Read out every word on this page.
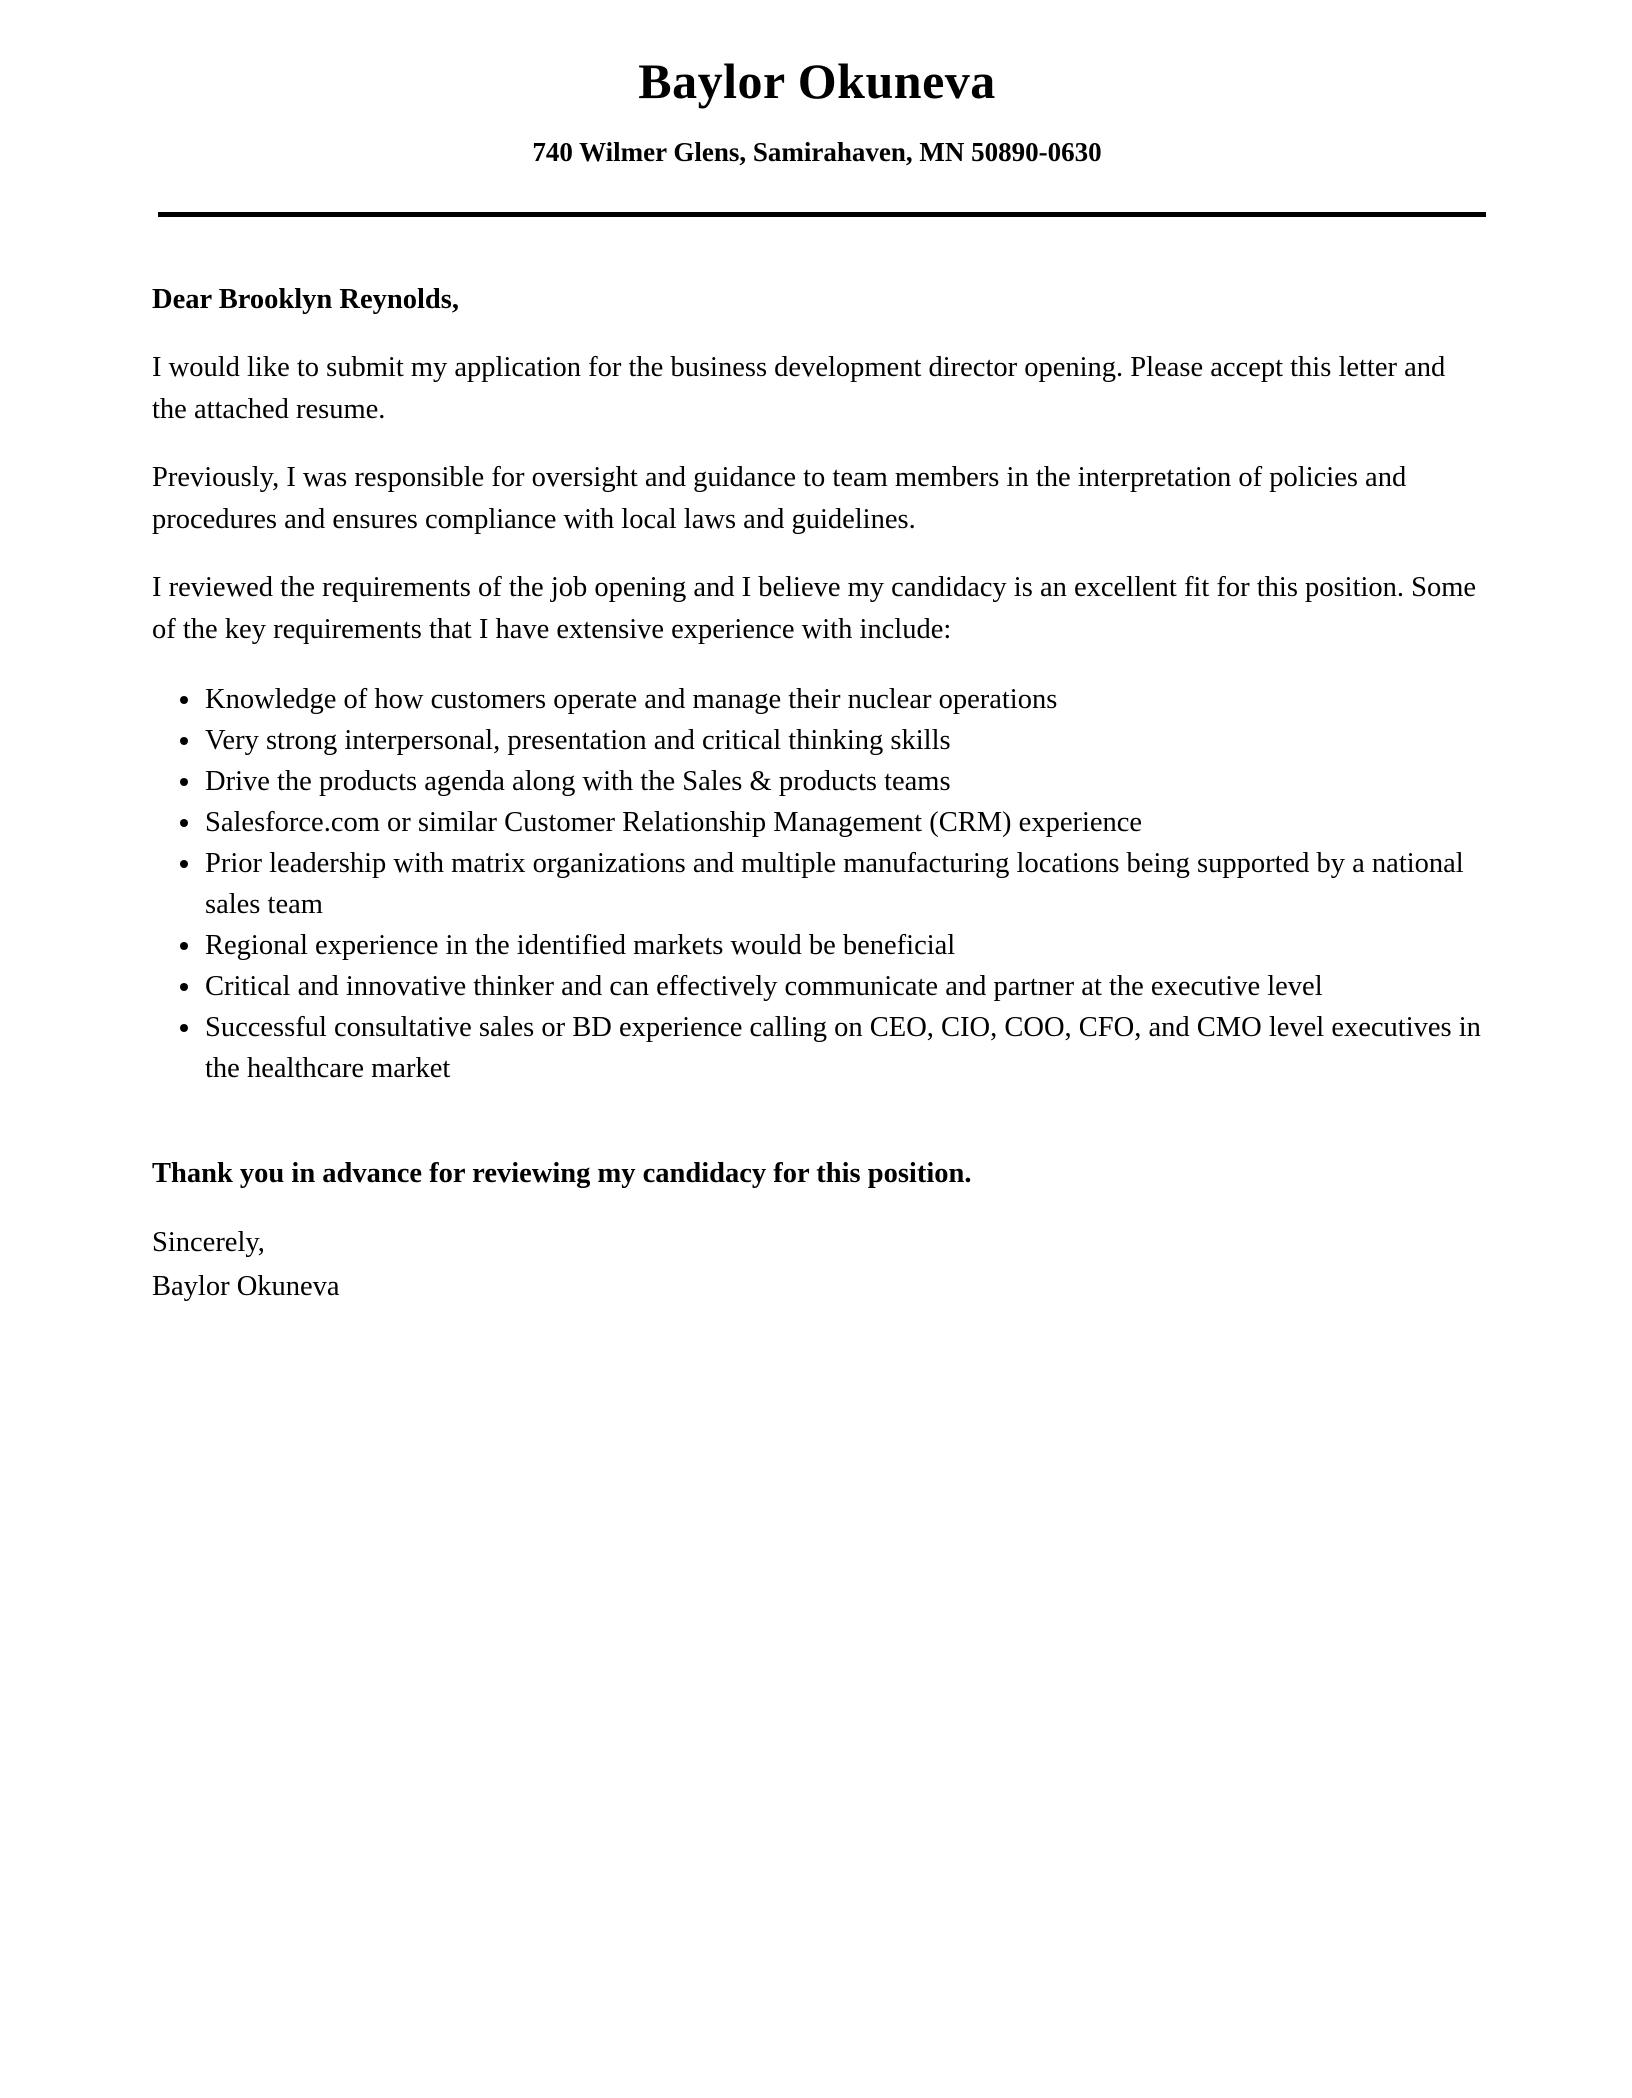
Baylor Okuneva
740 Wilmer Glens, Samirahaven, MN 50890-0630
Dear Brooklyn Reynolds,

I would like to submit my application for the business development director opening. Please accept this letter and the attached resume.

Previously, I was responsible for oversight and guidance to team members in the interpretation of policies and procedures and ensures compliance with local laws and guidelines.

I reviewed the requirements of the job opening and I believe my candidacy is an excellent fit for this position. Some of the key requirements that I have extensive experience with include:

• Knowledge of how customers operate and manage their nuclear operations
• Very strong interpersonal, presentation and critical thinking skills
• Drive the products agenda along with the Sales & products teams
• Salesforce.com or similar Customer Relationship Management (CRM) experience
• Prior leadership with matrix organizations and multiple manufacturing locations being supported by a national sales team
• Regional experience in the identified markets would be beneficial
• Critical and innovative thinker and can effectively communicate and partner at the executive level
• Successful consultative sales or BD experience calling on CEO, CIO, COO, CFO, and CMO level executives in the healthcare market
Thank you in advance for reviewing my candidacy for this position.
Sincerely,
Baylor Okuneva
